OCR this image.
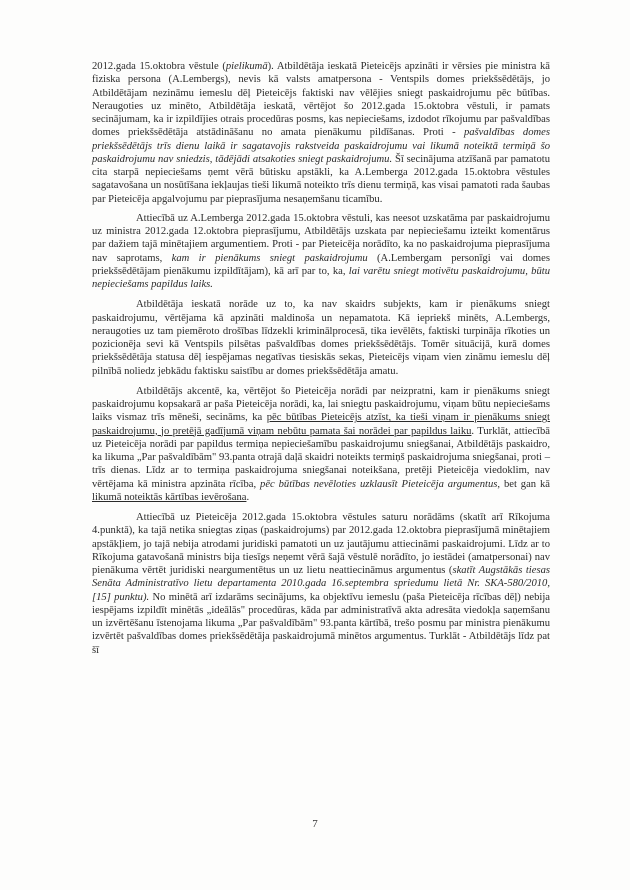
2012.gada 15.oktobra vēstule (pielikumā). Atbildētāja ieskatā Pieteicējs apzināti ir vērsies pie ministra kā fiziska persona (A.Lembergs), nevis kā valsts amatpersona - Ventspils domes priekšsēdētājs, jo Atbildētājam nezināmu iemeslu dēļ Pieteicējs faktiski nav vēlējies sniegt paskaidrojumu pēc būtības. Neraugoties uz minēto, Atbildētāja ieskatā, vērtējot šo 2012.gada 15.oktobra vēstuli, ir pamats secinājumam, ka ir izpildījies otrais procedūras posms, kas nepieciešams, izdodot rīkojumu par pašvaldības domes priekšsēdētāja atstādināšanu no amata pienākumu pildīšanas. Proti - pašvaldības domes priekšsēdētājs trīs dienu laikā ir sagatavojis rakstveida paskaidrojumu vai likumā noteiktā termiņā šo paskaidrojumu nav sniedzis, tādējādi atsakoties sniegt paskaidrojumu. Šī secinājuma atzīšanā par pamatotu cita starpā nepieciešams ņemt vērā būtisku apstākli, ka A.Lemberga 2012.gada 15.oktobra vēstules sagatavošana un nosūtīšana iekļaujas tieši likumā noteikto trīs dienu termiņā, kas visai pamatoti rada šaubas par Pieteicēja apgalvojumu par pieprasījuma nesaņemšanu ticamību.

Attiecībā uz A.Lemberga 2012.gada 15.oktobra vēstuli, kas neesot uzskatāma par paskaidrojumu uz ministra 2012.gada 12.oktobra pieprasījumu, Atbildētājs uzskata par nepieciešamu izteikt komentārus par dažiem tajā minētajiem argumentiem. Proti - par Pieteicēja norādīto, ka no paskaidrojuma pieprasījuma nav saprotams, kam ir pienākums sniegt paskaidrojumu (A.Lembergam personīgi vai domes priekšsēdētājam pienākumu izpildītājam), kā arī par to, ka, lai varētu sniegt motivētu paskaidrojumu, būtu nepieciešams papildus laiks.

Atbildētāja ieskatā norāde uz to, ka nav skaidrs subjekts, kam ir pienākums sniegt paskaidrojumu, vērtējama kā apzināti maldinoša un nepamatota. Kā iepriekš minēts, A.Lembergs, neraugoties uz tam piemēroto drošības līdzekli kriminālprocesā, tika ievēlēts, faktiski turpināja rīkoties un pozicionēja sevi kā Ventspils pilsētas pašvaldības domes priekšsēdētājs. Tomēr situācijā, kurā domes priekšsēdētāja statusa dēļ iespējamas negatīvas tiesiskās sekas, Pieteicējs viņam vien zināmu iemeslu dēļ pilnībā noliedz jebkādu faktisku saistību ar domes priekšsēdētāja amatu.

Atbildētājs akcentē, ka, vērtējot šo Pieteicēja norādi par neizpratni, kam ir pienākums sniegt paskaidrojumu kopsakarā ar paša Pieteicēja norādi, ka, lai sniegtu paskaidrojumu, viņam būtu nepieciešams laiks vismaz trīs mēneši, secināms, ka pēc būtības Pieteicējs atzīst, ka tieši viņam ir pienākums sniegt paskaidrojumu, jo pretējā gadījumā viņam nebūtu pamata šai norādei par papildus laiku. Turklāt, attiecībā uz Pieteicēja norādi par papildus termiņa nepieciešamību paskaidrojumu sniegšanai, Atbildētājs paskaidro, ka likuma „Par pašvaldībām" 93.panta otrajā daļā skaidri noteikts termiņš paskaidrojuma sniegšanai, proti – trīs dienas. Līdz ar to termiņa paskaidrojuma sniegšanai noteikšana, pretēji Pieteicēja viedoklim, nav vērtējama kā ministra apzināta rīcība, pēc būtības nevēloties uzklausīt Pieteicēja argumentus, bet gan kā likumā noteiktās kārtības ievērošana.

Attiecībā uz Pieteicēja 2012.gada 15.oktobra vēstules saturu norādāms (skatīt arī Rīkojuma 4.punktā), ka tajā netika sniegtas ziņas (paskaidrojums) par 2012.gada 12.oktobra pieprasījumā minētajiem apstākļiem, jo tajā nebija atrodami juridiski pamatoti un uz jautājumu attiecināmi paskaidrojumi. Līdz ar to Rīkojuma gatavošanā ministrs bija tiesīgs neņemt vērā šajā vēstulē norādīto, jo iestādei (amatpersonai) nav pienākuma vērtēt juridiski neargumentētus un uz lietu neattiecināmus argumentus (skatīt Augstākās tiesas Senāta Administratīvo lietu departamenta 2010.gada 16.septembra spriedumu lietā Nr. SKA-580/2010, [15] punktu). No minētā arī izdarāms secinājums, ka objektīvu iemeslu (paša Pieteicēja rīcības dēļ) nebija iespējams izpildīt minētās „ideālās" procedūras, kāda par administratīvā akta adresāta viedokļa saņemšanu un izvērtēšanu īstenojama likuma „Par pašvaldībām" 93.panta kārtībā, trešo posmu par ministra pienākumu izvērtēt pašvaldības domes priekšsēdētāja paskaidrojumā minētos argumentus. Turklāt - Atbildētājs līdz pat šī

7
